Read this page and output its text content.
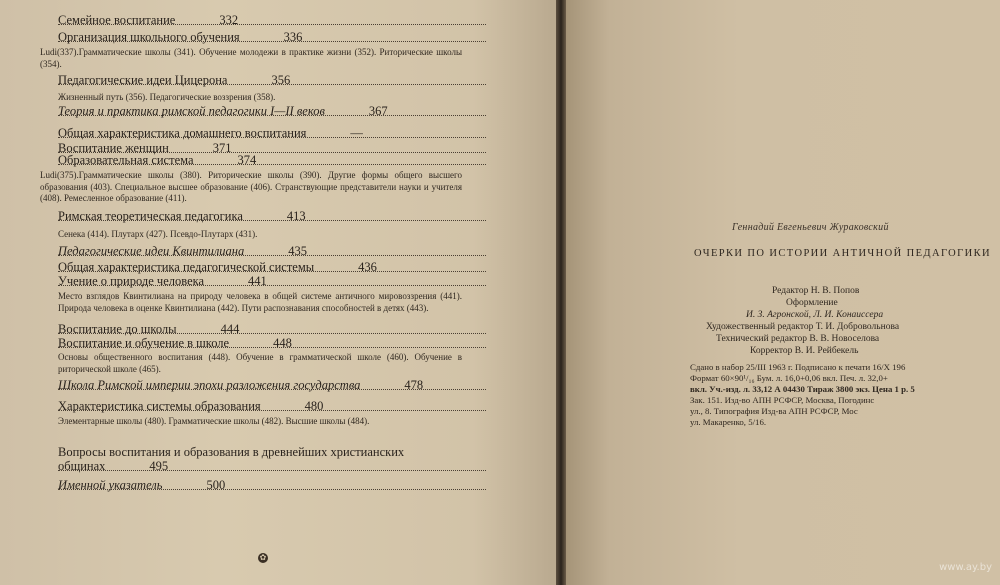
Семейное воспитание	332
Организация школьного обучения	336
Ludi(337).Грамматические школы (341). Обучение молодежи в практике жизни (352). Риторические школы (354).
Педагогические идеи Цицерона	356
Жизненный путь (356). Педагогические воззрения (358).
Теория и практика римской педагогики I—II веков	367
Общая характеристика домашнего воспитания	—
Воспитание женщин	371
Образовательная система	374
Ludi(375).Грамматические школы (380). Риторические школы (390). Другие формы общего высшего образования (403). Специальное высшее образование (406). Странствующие представители науки и учителя (408). Ремесленное образование (411).
Римская теоретическая педагогика	413
Сенека (414). Плутарх (427). Псевдо-Плутарх (431).
Педагогические идеи Квинтилиана	435
Общая характеристика педагогической системы	436
Учение о природе человека	441
Место взглядов Квинтилиана на природу человека в общей системе античного мировоззрения (441). Природа человека в оценке Квинтилиана (442). Пути распознавания способностей в детях (443).
Воспитание до школы	444
Воспитание и обучение в школе	448
Основы общественного воспитания (448). Обучение в грамматической школе (460). Обучение в риторической школе (465).
Школа Римской империи эпохи разложения государства	478
Характеристика системы образования	480
Элементарные школы (480). Грамматические школы (482). Высшие школы (484).
Вопросы воспитания и образования в древнейших христианских
общинах	495
Именной указатель	500
✿
Геннадий Евгеньевич Жураковский
ОЧЕРКИ ПО ИСТОРИИ АНТИЧНОЙ ПЕДАГОГИКИ
Редактор Н. В. Попов
Оформление
И. З. Агронской, Л. И. Конаиссера
Художественный редактор Т. И. Добровольнова
Технический редактор В. В. Новоселова
Корректор В. И. Рейбекель
Сдано в набор 25/III 1963 г. Подписано к печати 16/X 196
Формат 60×90¹/₁₆ Бум. л. 16,0+0,06 вкл. Печ. л. 32,0+
вкл. Уч.-изд. л. 33,12 А 04430 Тираж 3800 экз. Цена 1 р. 5
Зак. 151. Изд-во АПН РСФСР, Москва, Погодинс
ул., 8. Типография Изд-ва АПН РСФСР, Мос
ул. Макаренко, 5/16.
www.ay.by
